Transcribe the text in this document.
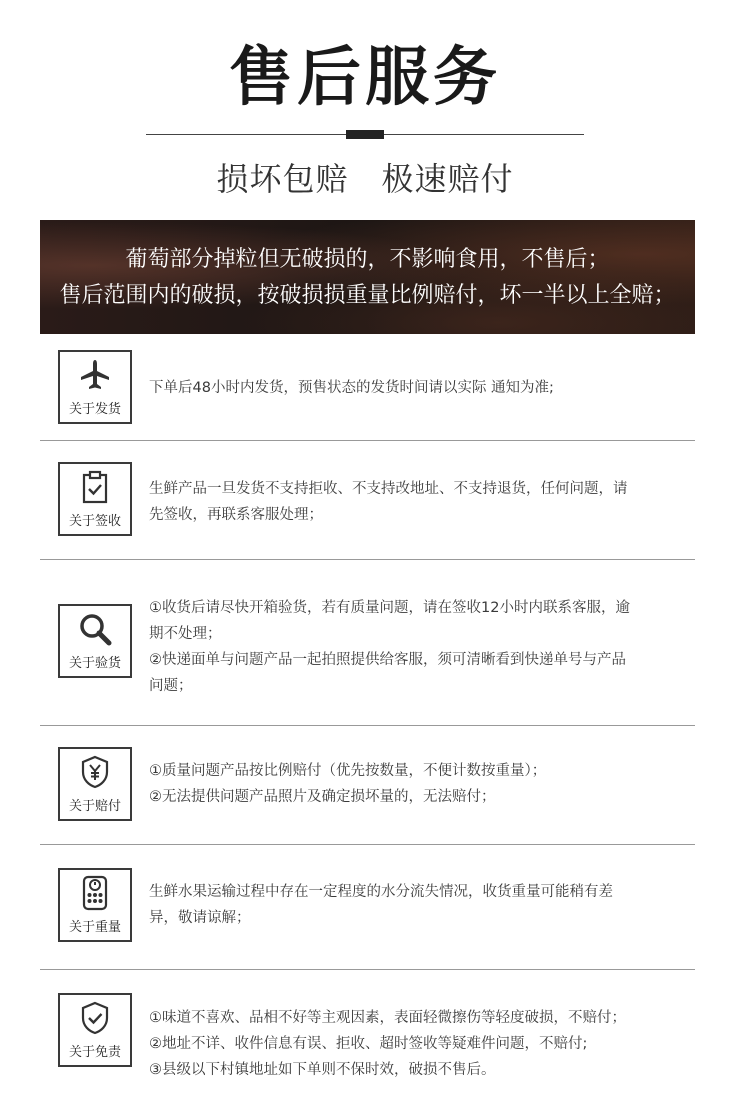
售后服务
损坏包赔　极速赔付
葡萄部分掉粒但无破损的，不影响食用，不售后；
售后范围内的破损，按破损损重量比例赔付，坏一半以上全赔；
关于发货
下单后48小时内发货，预售状态的发货时间请以实际 通知为准;
关于签收
生鲜产品一旦发货不支持拒收、不支持改地址、不支持退货，任何问题，请
先签收，再联系客服处理；
关于验货
①收货后请尽快开箱验货，若有质量问题，请在签收12小时内联系客服，逾
期不处理；
②快递面单与问题产品一起拍照提供给客服，须可清晰看到快递单号与产品
问题；
关于赔付
①质量问题产品按比例赔付（优先按数量，不便计数按重量）；
②无法提供问题产品照片及确定损坏量的，无法赔付；
关于重量
生鲜水果运输过程中存在一定程度的水分流失情况，收货重量可能稍有差
异，敬请谅解；
关于免责
①味道不喜欢、品相不好等主观因素，表面轻微擦伤等轻度破损，不赔付；
②地址不详、收件信息有误、拒收、超时签收等疑难件问题，不赔付;
③县级以下村镇地址如下单则不保时效，破损不售后。
